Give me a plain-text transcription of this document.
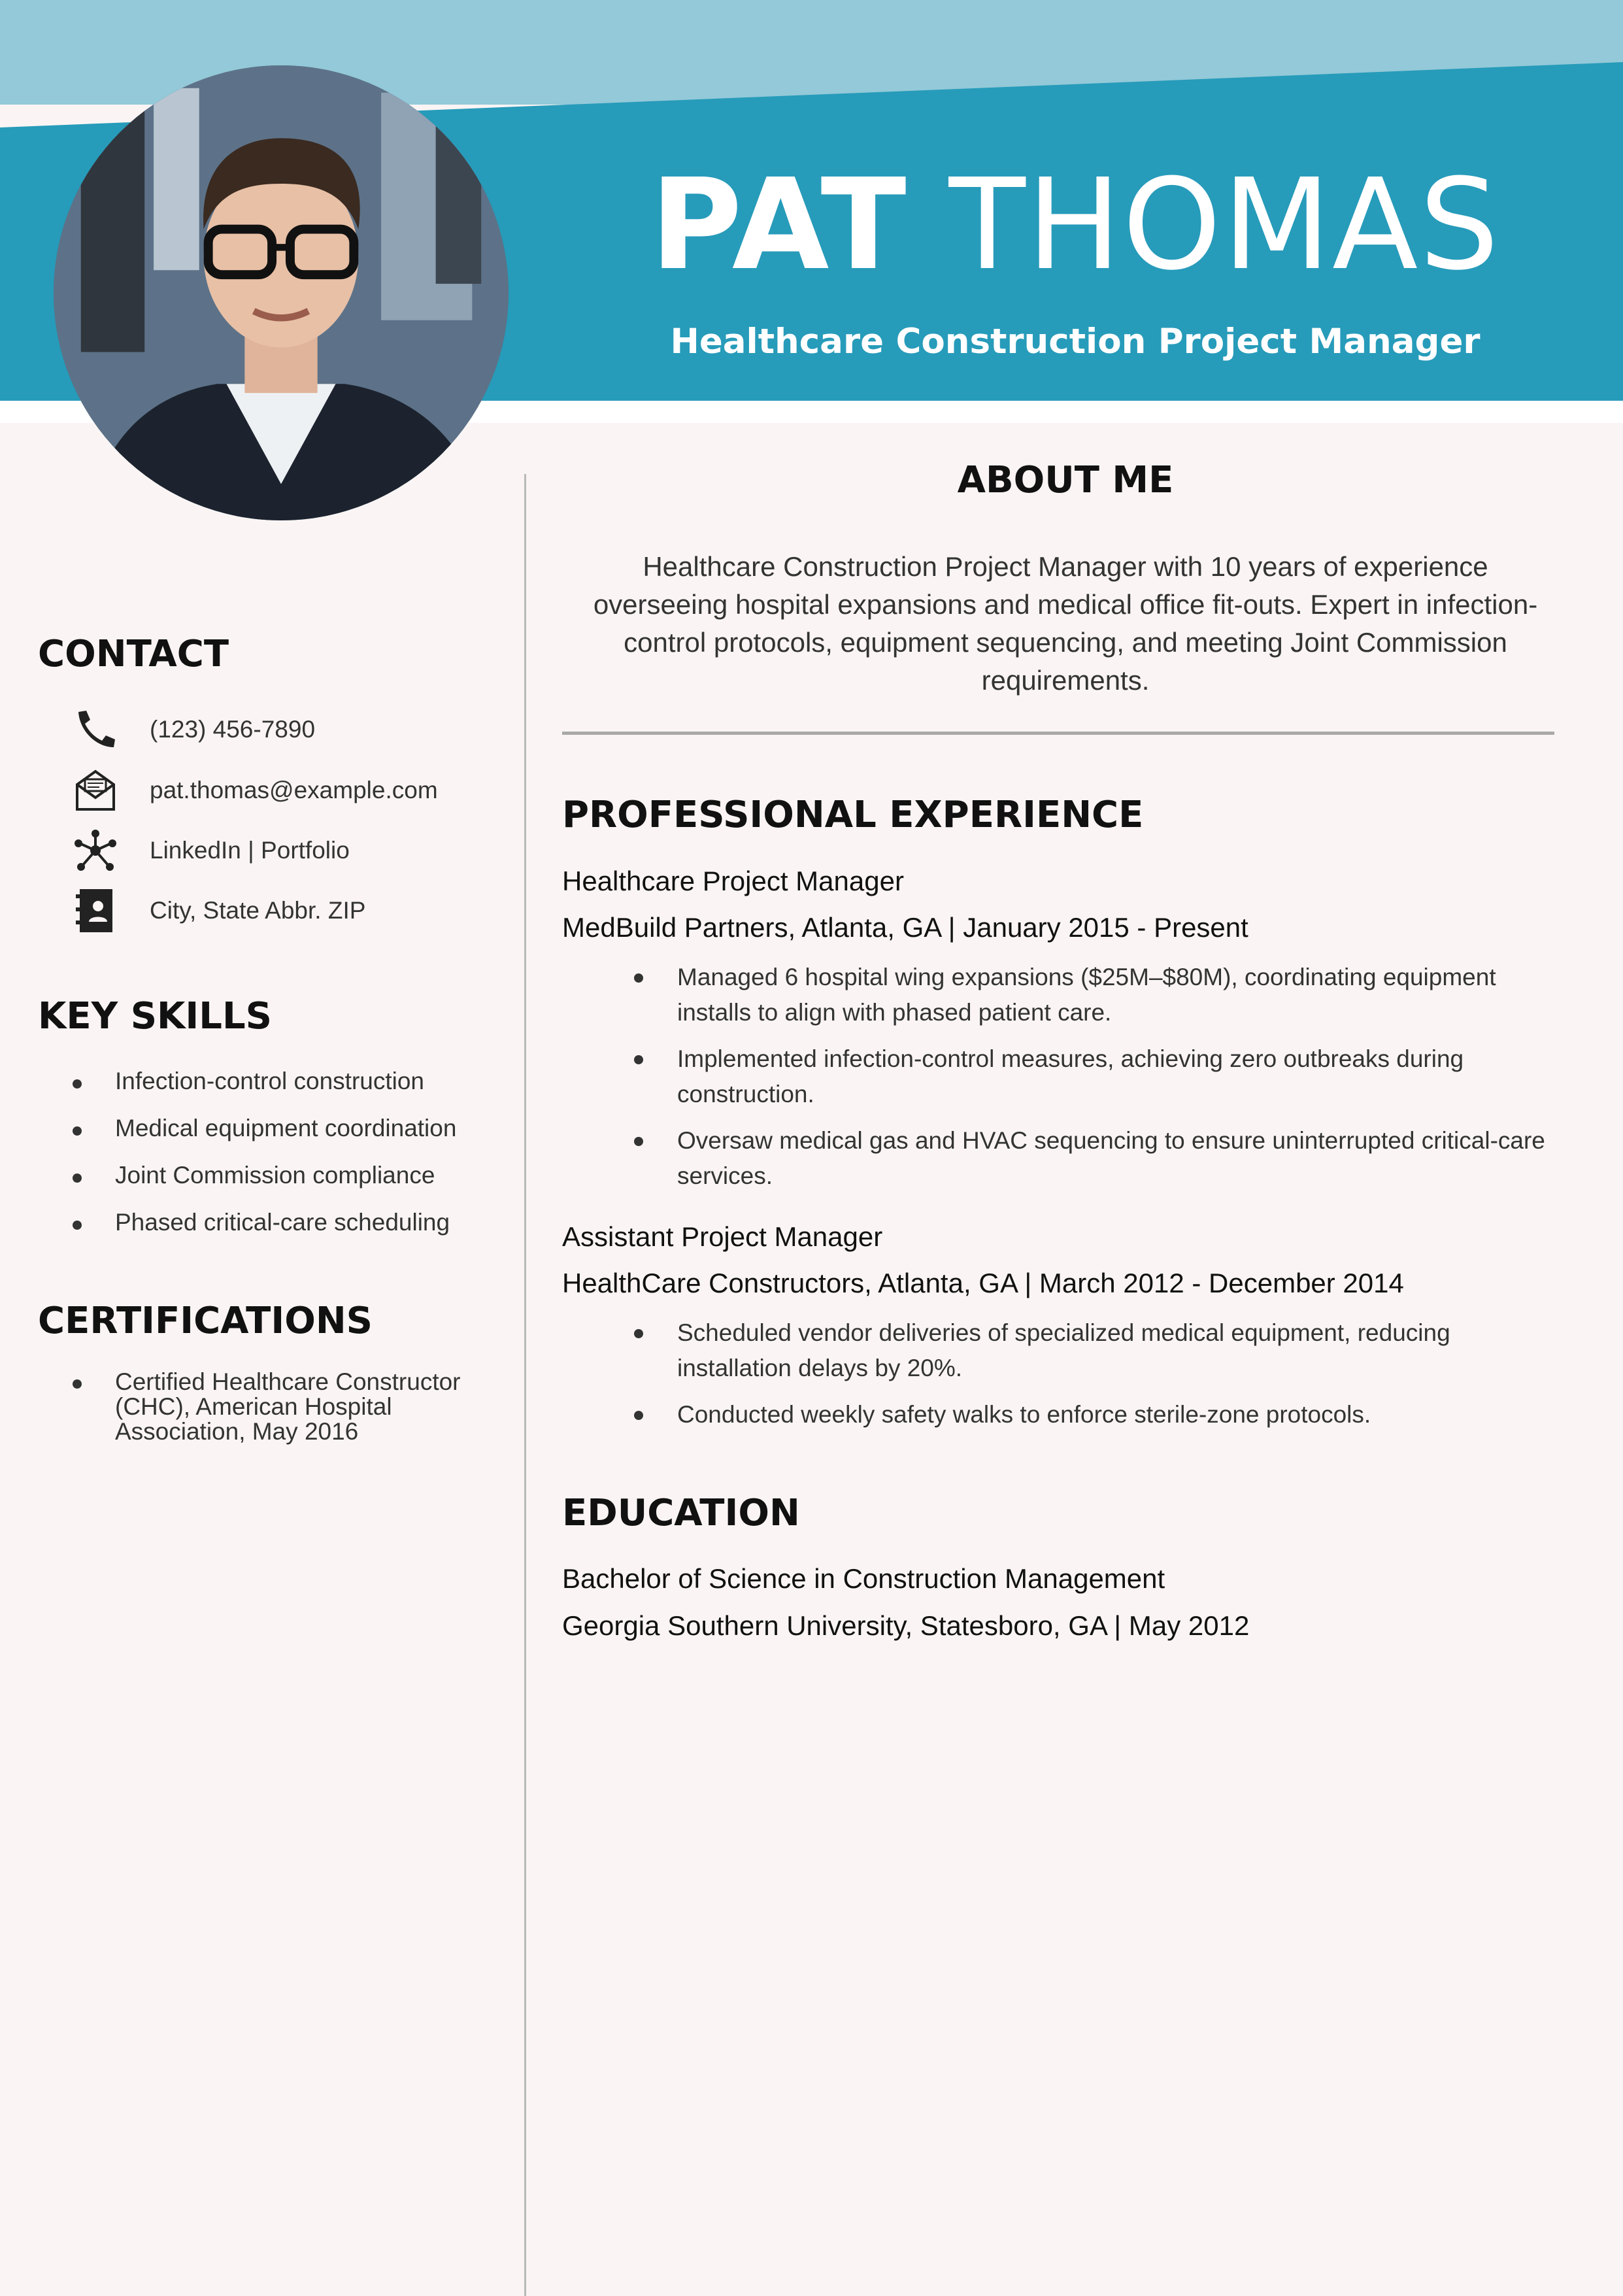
PAT THOMAS
Healthcare Construction Project Manager
CONTACT
(123) 456-7890
pat.thomas@example.com
LinkedIn | Portfolio
City, State Abbr. ZIP
KEY SKILLS
Infection-control construction
Medical equipment coordination
Joint Commission compliance
Phased critical-care scheduling
CERTIFICATIONS
Certified Healthcare Constructor (CHC), American Hospital Association, May 2016
ABOUT ME
Healthcare Construction Project Manager with 10 years of experience overseeing hospital expansions and medical office fit-outs. Expert in infection-control protocols, equipment sequencing, and meeting Joint Commission requirements.
PROFESSIONAL EXPERIENCE
Healthcare Project Manager
MedBuild Partners, Atlanta, GA | January 2015 - Present
Managed 6 hospital wing expansions ($25M–$80M), coordinating equipment installs to align with phased patient care.
Implemented infection-control measures, achieving zero outbreaks during construction.
Oversaw medical gas and HVAC sequencing to ensure uninterrupted critical-care services.
Assistant Project Manager
HealthCare Constructors, Atlanta, GA | March 2012 - December 2014
Scheduled vendor deliveries of specialized medical equipment, reducing installation delays by 20%.
Conducted weekly safety walks to enforce sterile-zone protocols.
EDUCATION
Bachelor of Science in Construction Management
Georgia Southern University, Statesboro, GA | May 2012
